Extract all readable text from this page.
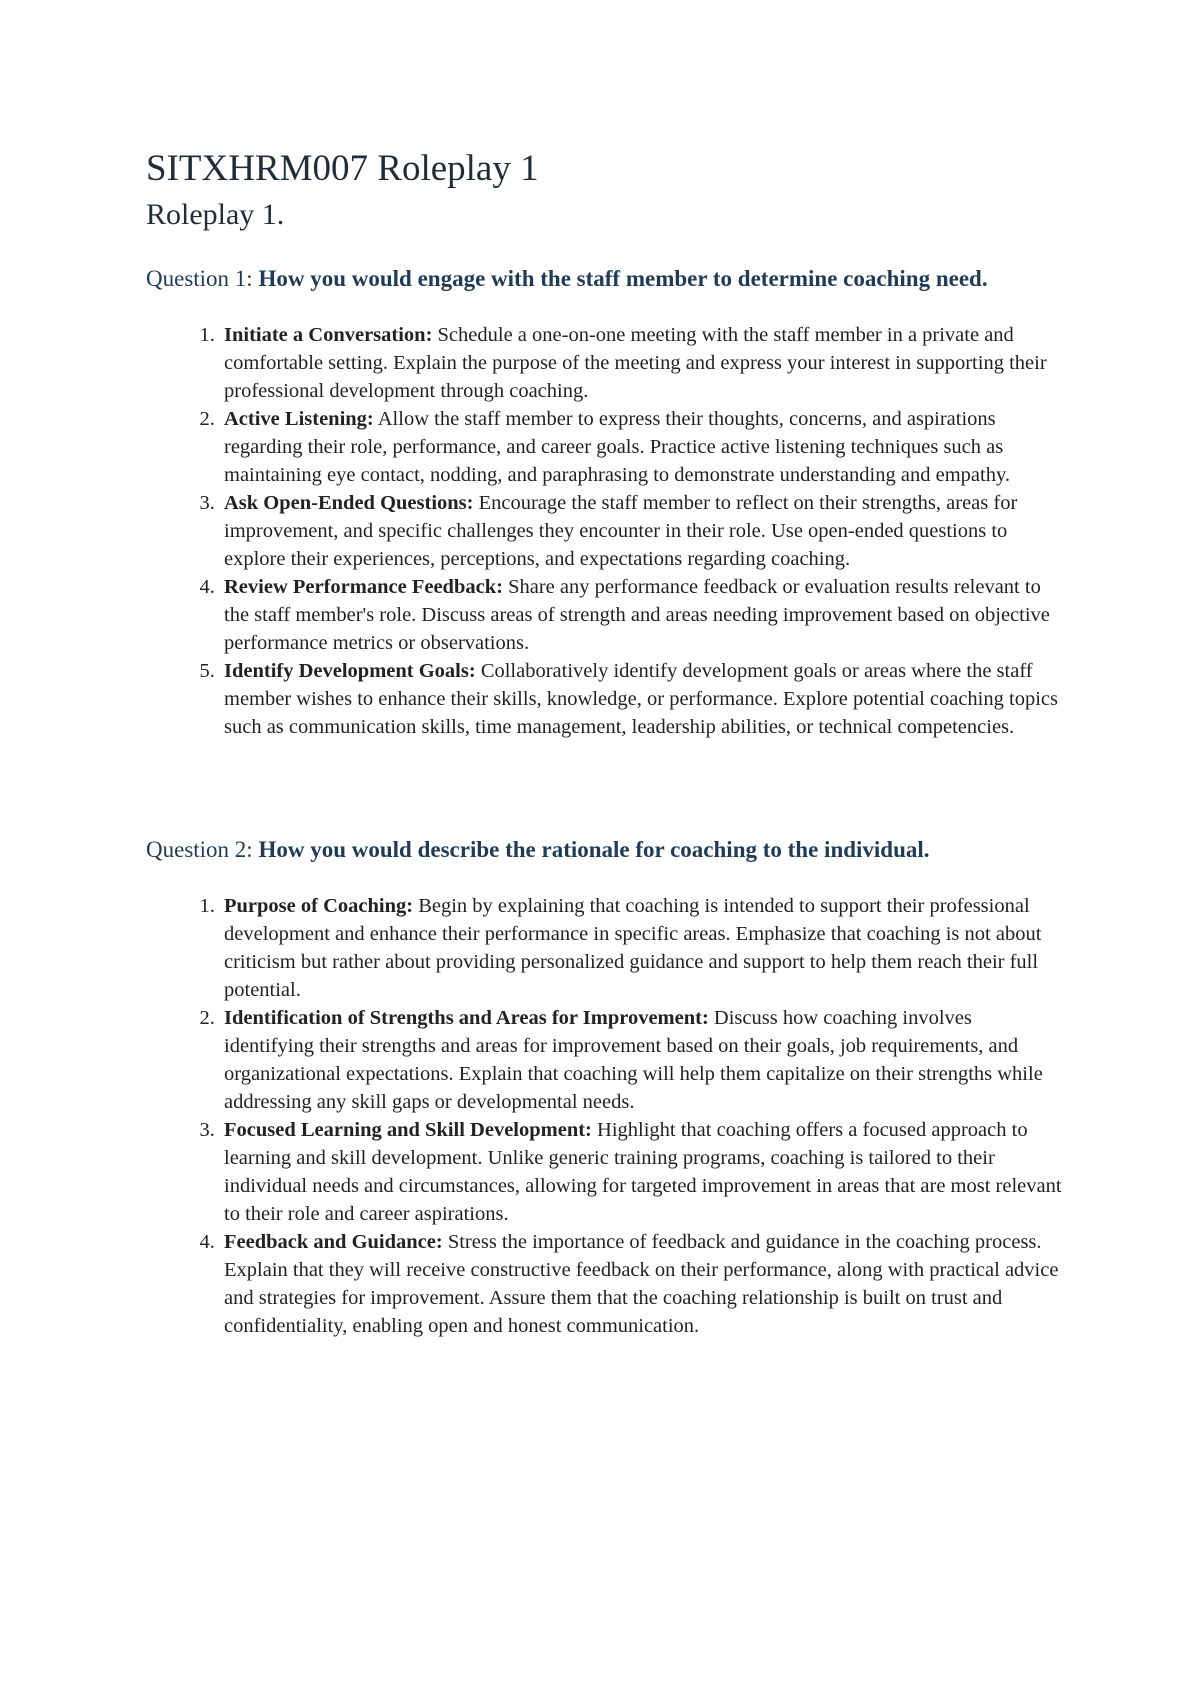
SITXHRM007 Roleplay 1
Roleplay 1.
Question 1: How you would engage with the staff member to determine coaching need.
1. Initiate a Conversation: Schedule a one-on-one meeting with the staff member in a private and comfortable setting. Explain the purpose of the meeting and express your interest in supporting their professional development through coaching.
2. Active Listening: Allow the staff member to express their thoughts, concerns, and aspirations regarding their role, performance, and career goals. Practice active listening techniques such as maintaining eye contact, nodding, and paraphrasing to demonstrate understanding and empathy.
3. Ask Open-Ended Questions: Encourage the staff member to reflect on their strengths, areas for improvement, and specific challenges they encounter in their role. Use open-ended questions to explore their experiences, perceptions, and expectations regarding coaching.
4. Review Performance Feedback: Share any performance feedback or evaluation results relevant to the staff member's role. Discuss areas of strength and areas needing improvement based on objective performance metrics or observations.
5. Identify Development Goals: Collaboratively identify development goals or areas where the staff member wishes to enhance their skills, knowledge, or performance. Explore potential coaching topics such as communication skills, time management, leadership abilities, or technical competencies.
Question 2: How you would describe the rationale for coaching to the individual.
1. Purpose of Coaching: Begin by explaining that coaching is intended to support their professional development and enhance their performance in specific areas. Emphasize that coaching is not about criticism but rather about providing personalized guidance and support to help them reach their full potential.
2. Identification of Strengths and Areas for Improvement: Discuss how coaching involves identifying their strengths and areas for improvement based on their goals, job requirements, and organizational expectations. Explain that coaching will help them capitalize on their strengths while addressing any skill gaps or developmental needs.
3. Focused Learning and Skill Development: Highlight that coaching offers a focused approach to learning and skill development. Unlike generic training programs, coaching is tailored to their individual needs and circumstances, allowing for targeted improvement in areas that are most relevant to their role and career aspirations.
4. Feedback and Guidance: Stress the importance of feedback and guidance in the coaching process. Explain that they will receive constructive feedback on their performance, along with practical advice and strategies for improvement. Assure them that the coaching relationship is built on trust and confidentiality, enabling open and honest communication.
